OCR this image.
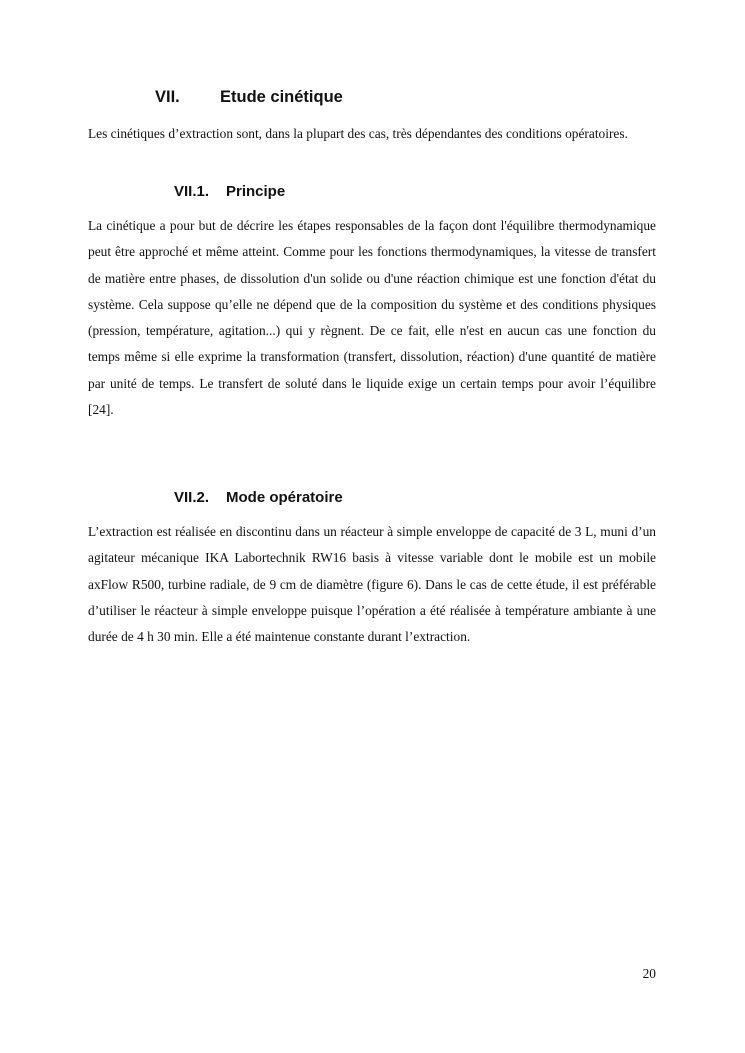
VII. Etude cinétique

Les cinétiques d’extraction sont, dans la plupart des cas, très dépendantes des conditions opératoires.

VII.1. Principe

La cinétique a pour but de décrire les étapes responsables de la façon dont l'équilibre thermodynamique peut être approché et même atteint. Comme pour les fonctions thermodynamiques, la vitesse de transfert de matière entre phases, de dissolution d'un solide ou d'une réaction chimique est une fonction d'état du système. Cela suppose qu’elle ne dépend que de la composition du système et des conditions physiques (pression, température, agitation...) qui y règnent. De ce fait, elle n'est en aucun cas une fonction du temps même si elle exprime la transformation (transfert, dissolution, réaction) d'une quantité de matière par unité de temps. Le transfert de soluté dans le liquide exige un certain temps pour avoir l’équilibre [24].

VII.2. Mode opératoire

L’extraction est réalisée en discontinu dans un réacteur à simple enveloppe de capacité de 3 L, muni d’un agitateur mécanique IKA Labortechnik RW16 basis à vitesse variable dont le mobile est un mobile axFlow R500, turbine radiale, de 9 cm de diamètre (figure 6). Dans le cas de cette étude, il est préférable d’utiliser le réacteur à simple enveloppe puisque l’opération a été réalisée à température ambiante à une durée de 4 h 30 min. Elle a été maintenue constante durant l’extraction.

20
